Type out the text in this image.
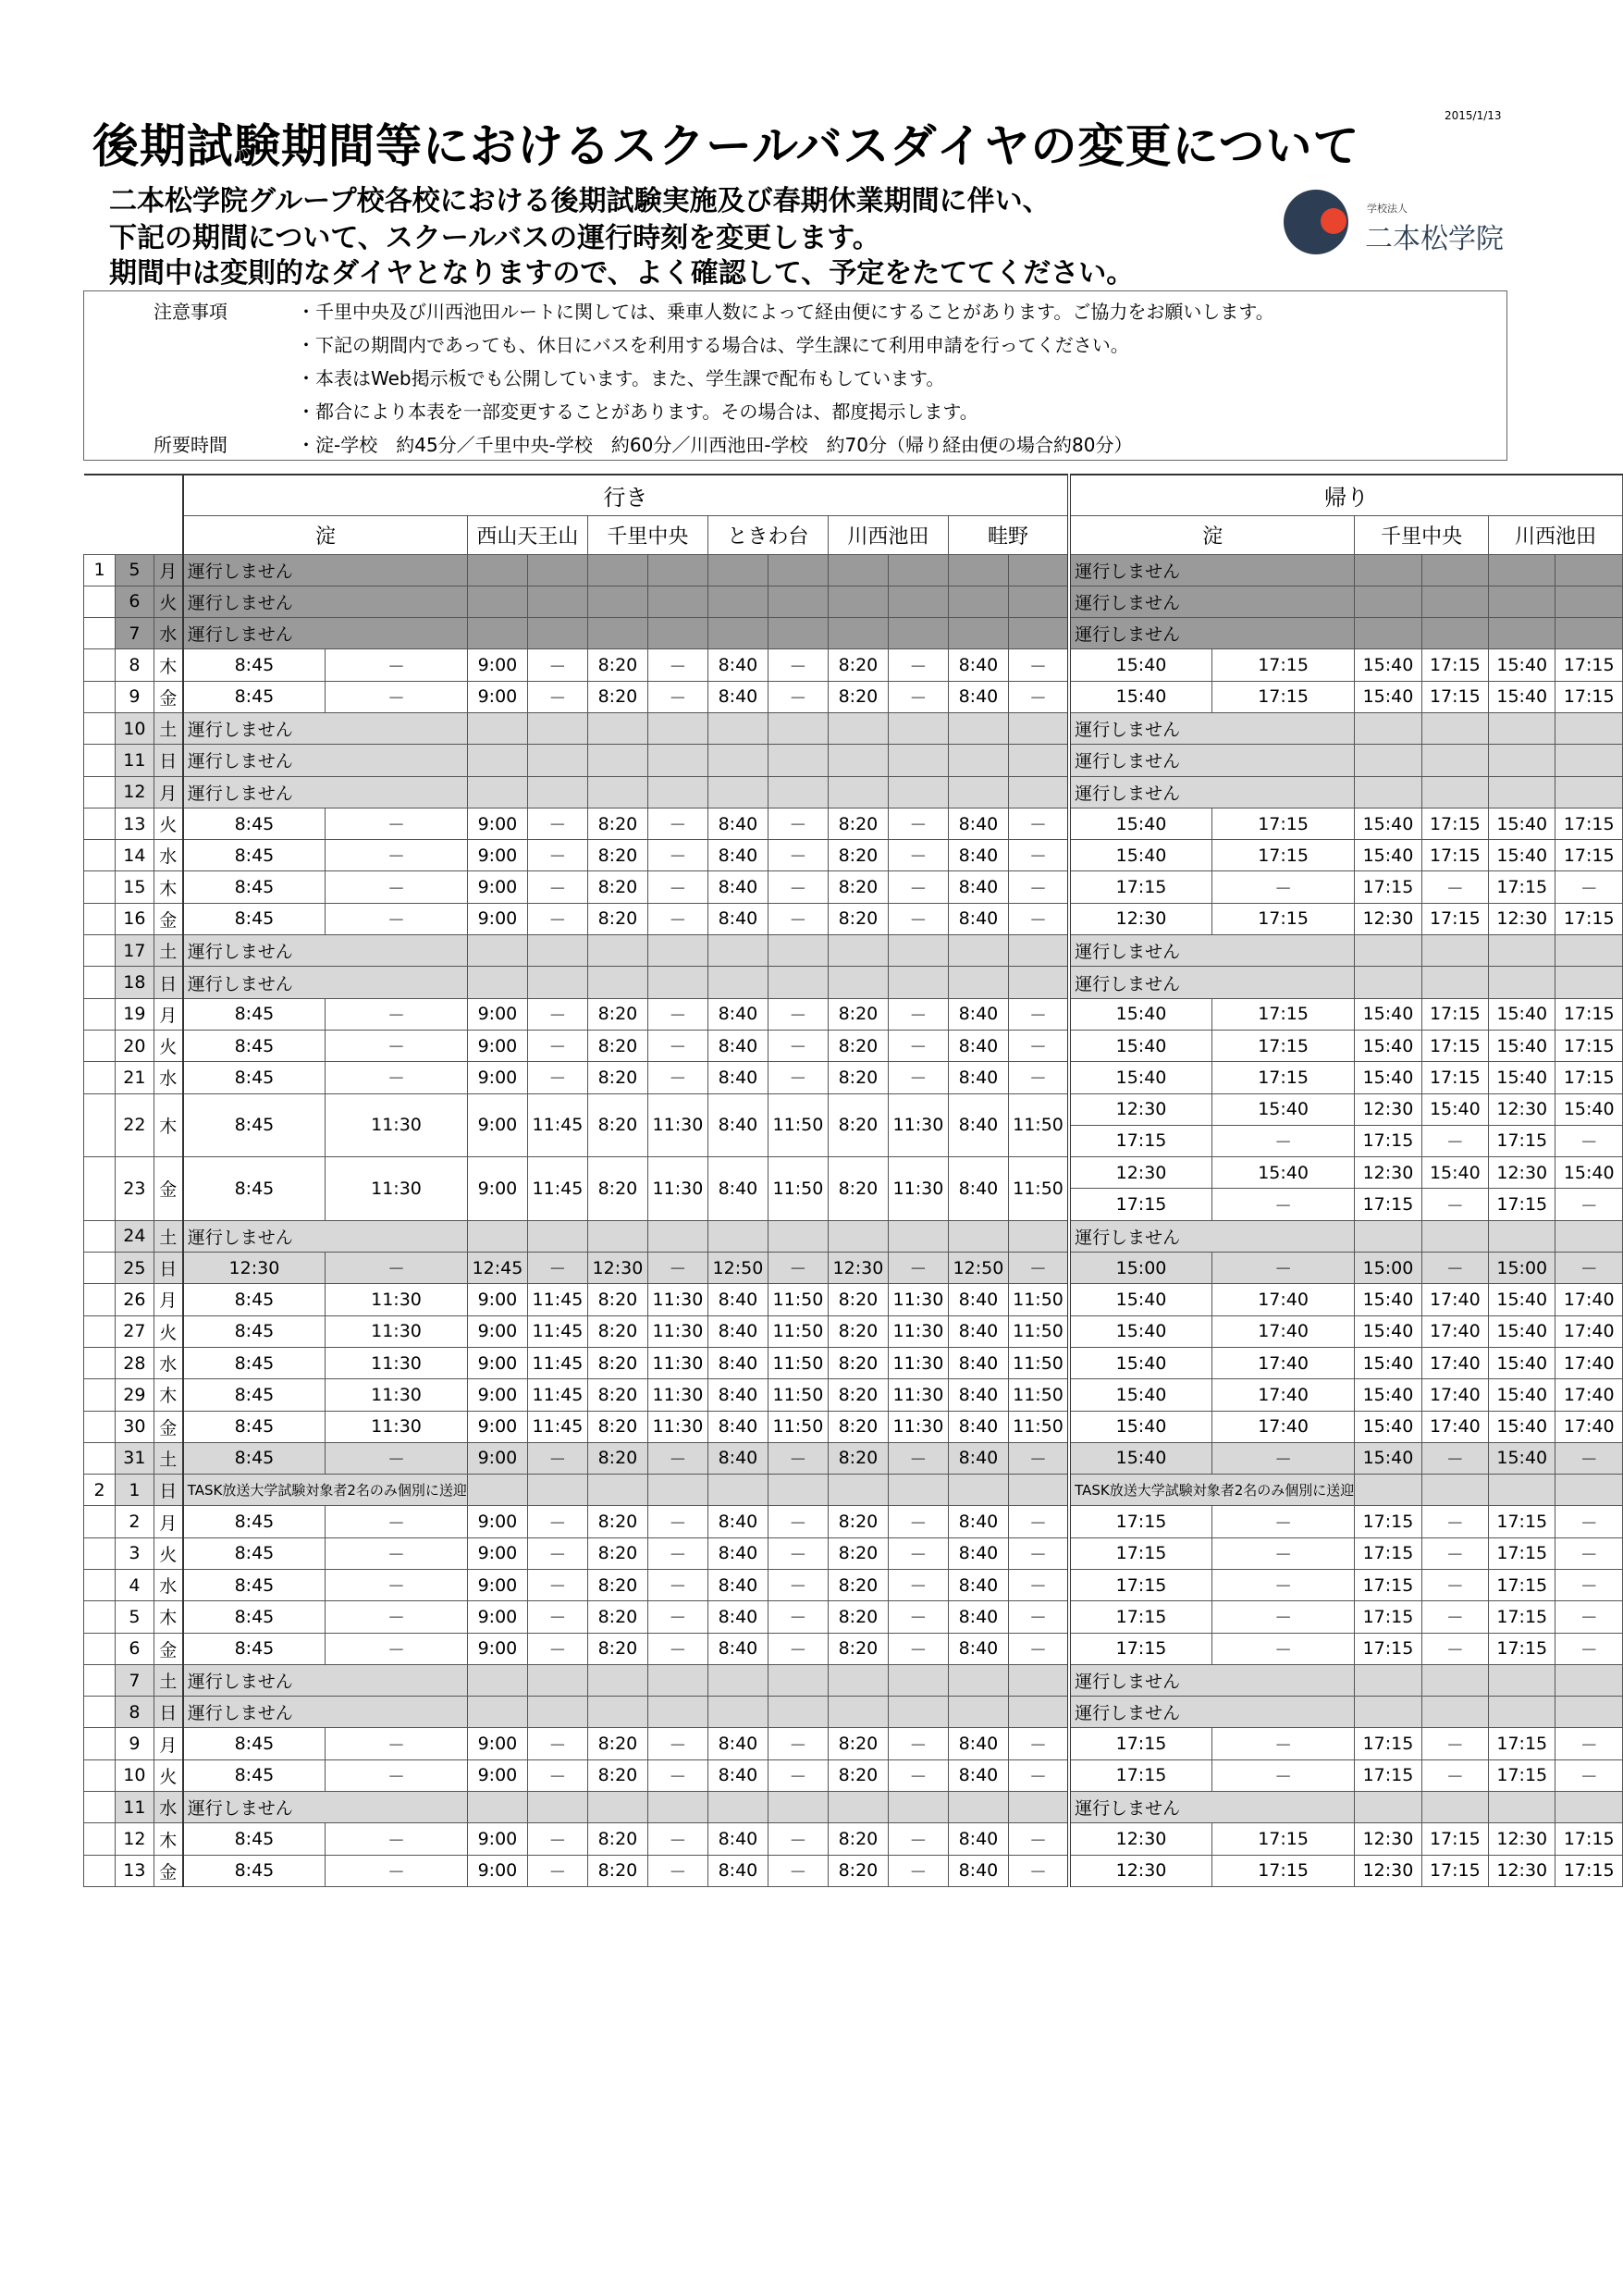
2015/1/13
後期試験期間等におけるスクールバスダイヤの変更について
二本松学院グループ校各校における後期試験実施及び春期休業期間に伴い、
下記の期間について、スクールバスの運行時刻を変更します。
期間中は変則的なダイヤとなりますので、よく確認して、予定をたててください。
学校法人
二本松学院
注意事項	・千里中央及び川西池田ルートに関しては、乗車人数によって経由便にすることがあります。ご協力をお願いします。
・下記の期間内であっても、休日にバスを利用する場合は、学生課にて利用申請を行ってください。
・本表はWeb掲示板でも公開しています。また、学生課で配布もしています。
・都合により本表を一部変更することがあります。その場合は、都度掲示します。
所要時間	・淀-学校　約45分／千里中央-学校　約60分／川西池田-学校　約70分（帰り経由便の場合約80分）
			行き												帰り					
			淀		西山天王山		千里中央		ときわ台		川西池田		畦野		淀		千里中央		川西池田	
1	5	月	運行しません												運行しません					
	6	火	運行しません												運行しません					
	7	水	運行しません												運行しません					
	8	木	8:45	－	9:00	－	8:20	－	8:40	－	8:20	－	8:40	－	15:40	17:15	15:40	17:15	15:40	17:15
	9	金	8:45	－	9:00	－	8:20	－	8:40	－	8:20	－	8:40	－	15:40	17:15	15:40	17:15	15:40	17:15
	10	土	運行しません												運行しません					
	11	日	運行しません												運行しません					
	12	月	運行しません												運行しません					
	13	火	8:45	－	9:00	－	8:20	－	8:40	－	8:20	－	8:40	－	15:40	17:15	15:40	17:15	15:40	17:15
	14	水	8:45	－	9:00	－	8:20	－	8:40	－	8:20	－	8:40	－	15:40	17:15	15:40	17:15	15:40	17:15
	15	木	8:45	－	9:00	－	8:20	－	8:40	－	8:20	－	8:40	－	17:15	－	17:15	－	17:15	－
	16	金	8:45	－	9:00	－	8:20	－	8:40	－	8:20	－	8:40	－	12:30	17:15	12:30	17:15	12:30	17:15
	17	土	運行しません												運行しません					
	18	日	運行しません												運行しません					
	19	月	8:45	－	9:00	－	8:20	－	8:40	－	8:20	－	8:40	－	15:40	17:15	15:40	17:15	15:40	17:15
	20	火	8:45	－	9:00	－	8:20	－	8:40	－	8:20	－	8:40	－	15:40	17:15	15:40	17:15	15:40	17:15
	21	水	8:45	－	9:00	－	8:20	－	8:40	－	8:20	－	8:40	－	15:40	17:15	15:40	17:15	15:40	17:15
	22	木	8:45	11:30	9:00	11:45	8:20	11:30	8:40	11:50	8:20	11:30	8:40	11:50	12:30	15:40	12:30	15:40	12:30	15:40
															17:15	－	17:15	－	17:15	－
	23	金	8:45	11:30	9:00	11:45	8:20	11:30	8:40	11:50	8:20	11:30	8:40	11:50	12:30	15:40	12:30	15:40	12:30	15:40
															17:15	－	17:15	－	17:15	－
	24	土	運行しません												運行しません					
	25	日	12:30	－	12:45	－	12:30	－	12:50	－	12:30	－	12:50	－	15:00	－	15:00	－	15:00	－
	26	月	8:45	11:30	9:00	11:45	8:20	11:30	8:40	11:50	8:20	11:30	8:40	11:50	15:40	17:40	15:40	17:40	15:40	17:40
	27	火	8:45	11:30	9:00	11:45	8:20	11:30	8:40	11:50	8:20	11:30	8:40	11:50	15:40	17:40	15:40	17:40	15:40	17:40
	28	水	8:45	11:30	9:00	11:45	8:20	11:30	8:40	11:50	8:20	11:30	8:40	11:50	15:40	17:40	15:40	17:40	15:40	17:40
	29	木	8:45	11:30	9:00	11:45	8:20	11:30	8:40	11:50	8:20	11:30	8:40	11:50	15:40	17:40	15:40	17:40	15:40	17:40
	30	金	8:45	11:30	9:00	11:45	8:20	11:30	8:40	11:50	8:20	11:30	8:40	11:50	15:40	17:40	15:40	17:40	15:40	17:40
	31	土	8:45	－	9:00	－	8:20	－	8:40	－	8:20	－	8:40	－	15:40	－	15:40	－	15:40	－
2	1	日	TASK放送大学試験対象者2名のみ個別に送迎												TASK放送大学試験対象者2名のみ個別に送迎					
	2	月	8:45	－	9:00	－	8:20	－	8:40	－	8:20	－	8:40	－	17:15	－	17:15	－	17:15	－
	3	火	8:45	－	9:00	－	8:20	－	8:40	－	8:20	－	8:40	－	17:15	－	17:15	－	17:15	－
	4	水	8:45	－	9:00	－	8:20	－	8:40	－	8:20	－	8:40	－	17:15	－	17:15	－	17:15	－
	5	木	8:45	－	9:00	－	8:20	－	8:40	－	8:20	－	8:40	－	17:15	－	17:15	－	17:15	－
	6	金	8:45	－	9:00	－	8:20	－	8:40	－	8:20	－	8:40	－	17:15	－	17:15	－	17:15	－
	7	土	運行しません												運行しません					
	8	日	運行しません												運行しません					
	9	月	8:45	－	9:00	－	8:20	－	8:40	－	8:20	－	8:40	－	17:15	－	17:15	－	17:15	－
	10	火	8:45	－	9:00	－	8:20	－	8:40	－	8:20	－	8:40	－	17:15	－	17:15	－	17:15	－
	11	水	運行しません												運行しません					
	12	木	8:45	－	9:00	－	8:20	－	8:40	－	8:20	－	8:40	－	12:30	17:15	12:30	17:15	12:30	17:15
	13	金	8:45	－	9:00	－	8:20	－	8:40	－	8:20	－	8:40	－	12:30	17:15	12:30	17:15	12:30	17:15
